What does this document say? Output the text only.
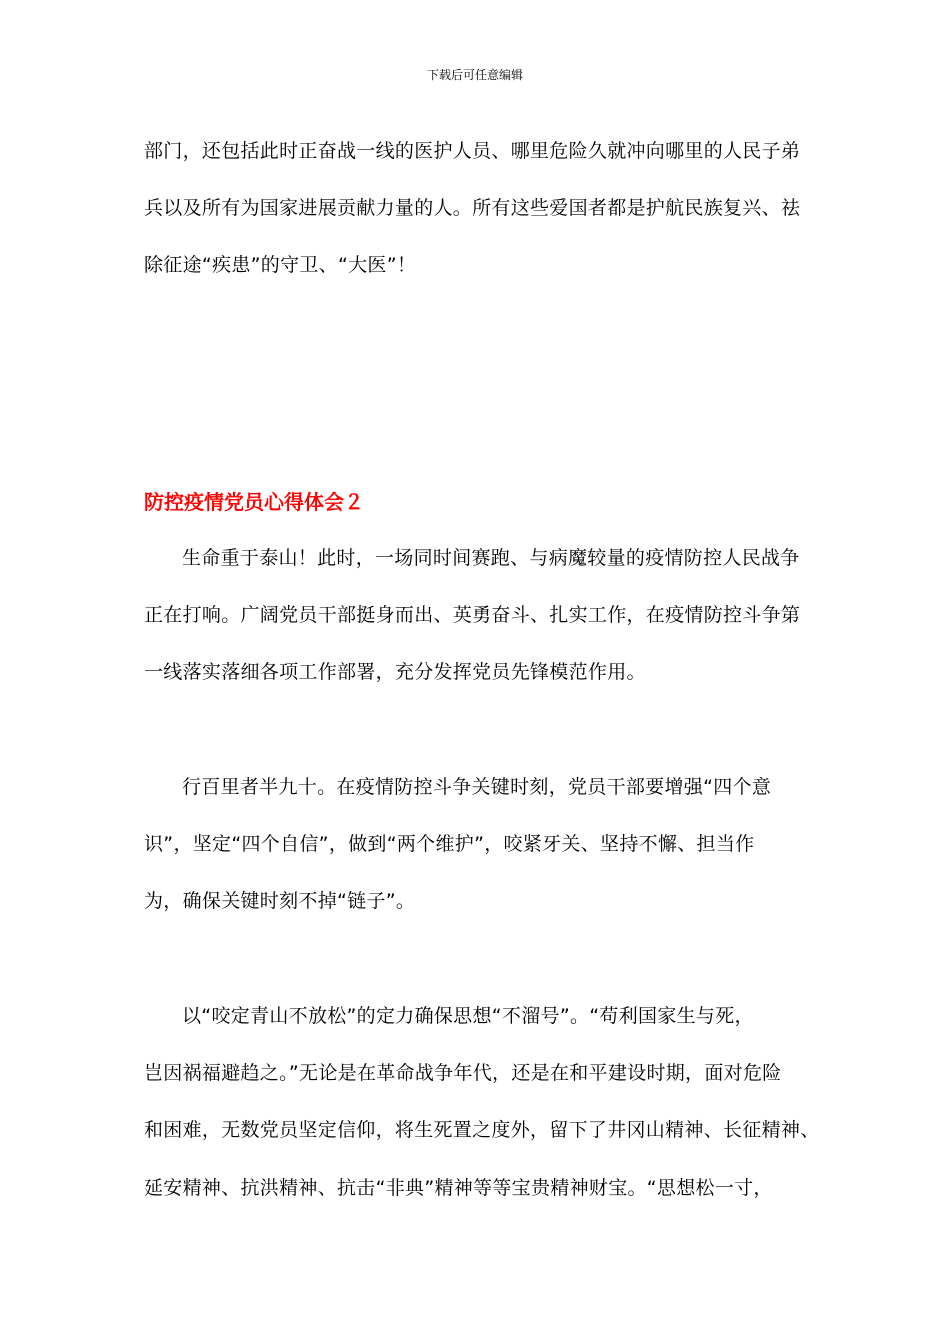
下载后可任意编辑
部门，还包括此时正奋战一线的医护人员、哪里危险久就冲向哪里的人民子弟
兵以及所有为国家进展贡献力量的人。所有这些爱国者都是护航民族复兴、祛
除征途“疾患”的守卫、“大医”！
防控疫情党员心得体会２
生命重于泰山！此时，一场同时间赛跑、与病魔较量的疫情防控人民战争
正在打响。广阔党员干部挺身而出、英勇奋斗、扎实工作，在疫情防控斗争第
一线落实落细各项工作部署，充分发挥党员先锋模范作用。
行百里者半九十。在疫情防控斗争关键时刻，党员干部要增强“四个意
识”，坚定“四个自信”，做到“两个维护”，咬紧牙关、坚持不懈、担当作
为，确保关键时刻不掉“链子”。
以“咬定青山不放松”的定力确保思想“不溜号”。“苟利国家生与死，
岂因祸福避趋之。”无论是在革命战争年代，还是在和平建设时期，面对危险
和困难，无数党员坚定信仰，将生死置之度外，留下了井冈山精神、长征精神、
延安精神、抗洪精神、抗击“非典”精神等等宝贵精神财宝。“思想松一寸，
